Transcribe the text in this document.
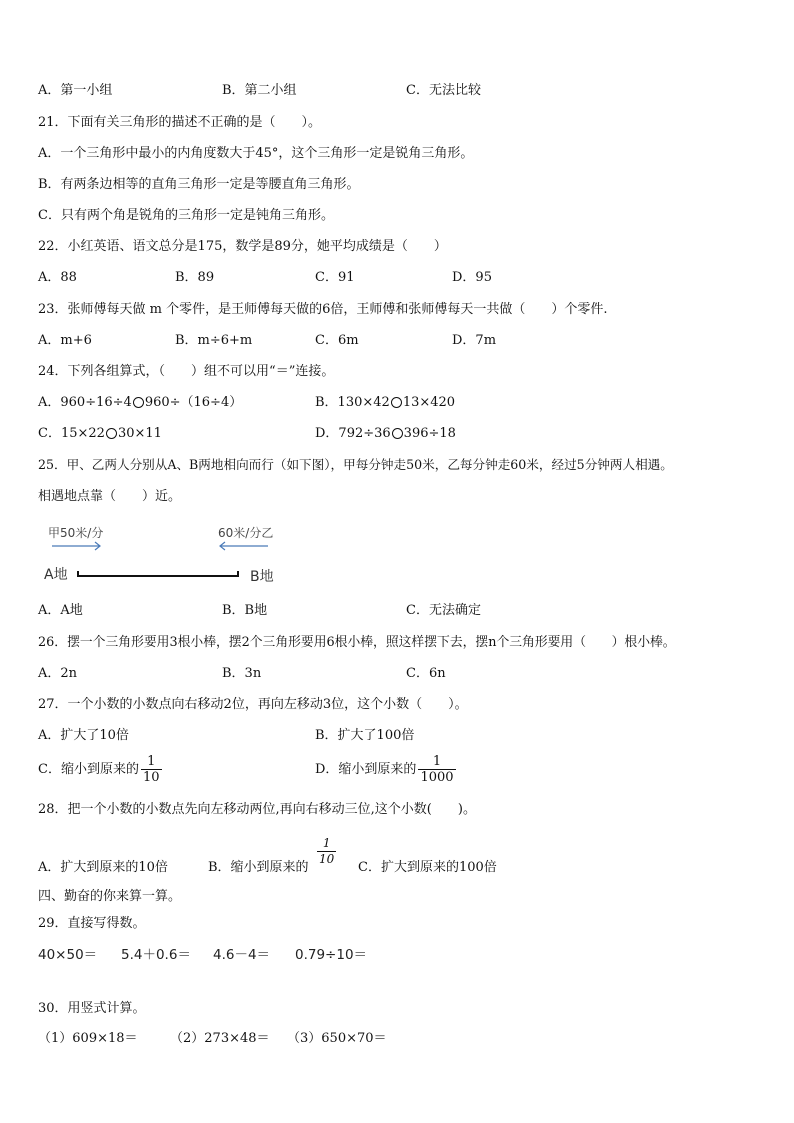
A．第一小组	B．第二小组	C．无法比较
21．下面有关三角形的描述不正确的是（　　）。
A．一个三角形中最小的内角度数大于45°，这个三角形一定是锐角三角形。
B．有两条边相等的直角三角形一定是等腰直角三角形。
C．只有两个角是锐角的三角形一定是钝角三角形。
22．小红英语、语文总分是175，数学是89分，她平均成绩是（　　）
A．88	B．89	C．91	D．95
23．张师傅每天做 m 个零件，是王师傅每天做的6倍，王师傅和张师傅每天一共做（　　）个零件.
A．m+6	B．m÷6+m	C．6m	D．7m
24．下列各组算式，（　　）组不可以用“＝”连接。
A．960÷16÷4 960÷（16÷4）	B．130×42 13×420
C．15×22 30×11	D．792÷36 396÷18
25．甲、乙两人分别从A、B两地相向而行（如下图），甲每分钟走50米，乙每分钟走60米，经过5分钟两人相遇。
相遇地点靠（　　）近。
甲50米/分	60米/分乙
A地	B地
A．A地	B．B地	C．无法确定
26．摆一个三角形要用3根小棒，摆2个三角形要用6根小棒，照这样摆下去，摆n个三角形要用（　　）根小棒。
A．2n	B．3n	C．6n
27．一个小数的小数点向右移动2位，再向左移动3位，这个小数（　　）。
A．扩大了10倍	B．扩大了100倍
C．缩小到原来的 $\frac{1}{10}$	D．缩小到原来的 $\frac{1}{1000}$
28．把一个小数的小数点先向左移动两位,再向右移动三位,这个小数(　　)。
A．扩大到原来的10倍	B．缩小到原来的
$\frac{1}{10}$
C．扩大到原来的100倍
四、勤奋的你来算一算。
29．直接写得数。
40×50＝ 5.4＋0.6＝ 4.6－4＝ 0.79÷10＝
30．用竖式计算。
（1）609×18＝ （2）273×48＝ （3）650×70＝
